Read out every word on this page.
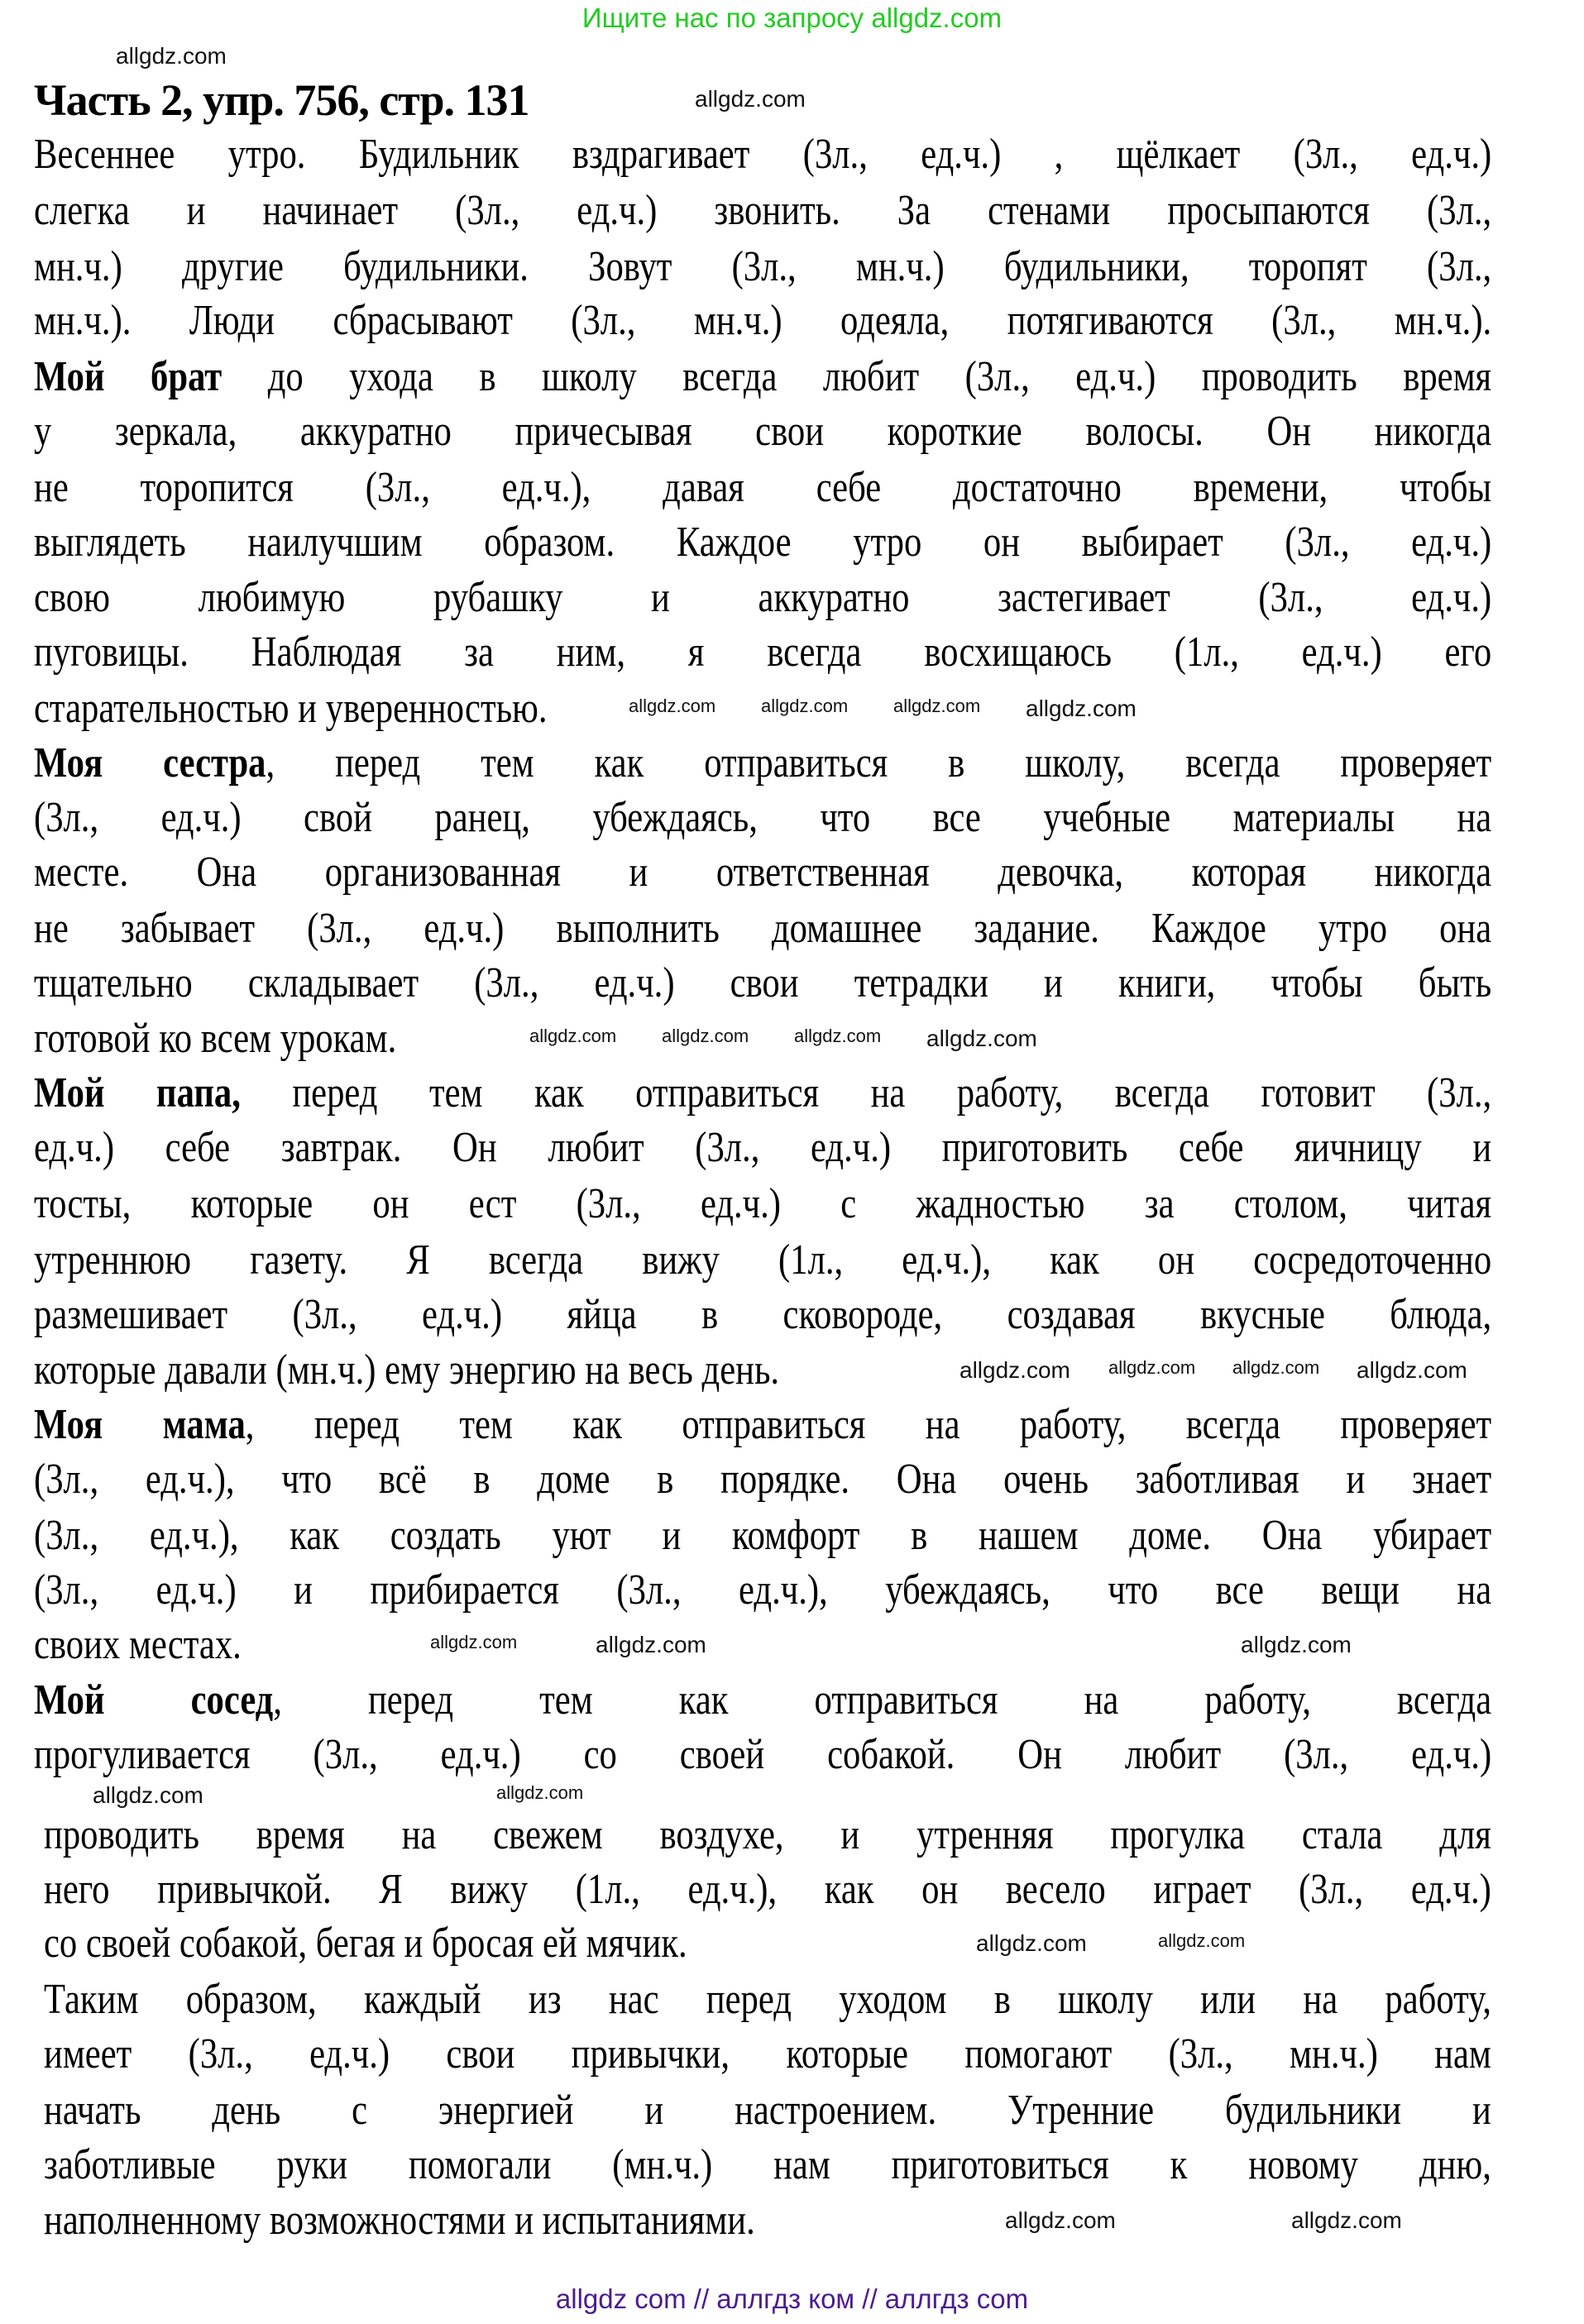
Ищите нас по запросу allgdz.com
Часть 2, упр. 756, стр. 131
Весеннее утро. Будильник вздрагивает (3л., ед.ч.) , щёлкает (3л., ед.ч.)
слегка и начинает (3л., ед.ч.) звонить. За стенами просыпаются (3л.,
мн.ч.) другие будильники. Зовут (3л., мн.ч.) будильники, торопят (3л.,
мн.ч.). Люди сбрасывают (3л., мн.ч.) одеяла, потягиваются (3л., мн.ч.).
Мой брат до ухода в школу всегда любит (3л., ед.ч.) проводить время
у зеркала, аккуратно причесывая свои короткие волосы. Он никогда
не торопится (3л., ед.ч.), давая себе достаточно времени, чтобы
выглядеть наилучшим образом. Каждое утро он выбирает (3л., ед.ч.)
свою любимую рубашку и аккуратно застегивает (3л., ед.ч.)
пуговицы. Наблюдая за ним, я всегда восхищаюсь (1л., ед.ч.) его
старательностью и уверенностью.
Моя сестра, перед тем как отправиться в школу, всегда проверяет
(3л., ед.ч.) свой ранец, убеждаясь, что все учебные материалы на
месте. Она организованная и ответственная девочка, которая никогда
не забывает (3л., ед.ч.) выполнить домашнее задание. Каждое утро она
тщательно складывает (3л., ед.ч.) свои тетрадки и книги, чтобы быть
готовой ко всем урокам.
Мой папа, перед тем как отправиться на работу, всегда готовит (3л.,
ед.ч.) себе завтрак. Он любит (3л., ед.ч.) приготовить себе яичницу и
тосты, которые он ест (3л., ед.ч.) с жадностью за столом, читая
утреннюю газету. Я всегда вижу (1л., ед.ч.), как он сосредоточенно
размешивает (3л., ед.ч.) яйца в сковороде, создавая вкусные блюда,
которые давали (мн.ч.) ему энергию на весь день.
Моя мама, перед тем как отправиться на работу, всегда проверяет
(3л., ед.ч.), что всё в доме в порядке. Она очень заботливая и знает
(3л., ед.ч.), как создать уют и комфорт в нашем доме. Она убирает
(3л., ед.ч.) и прибирается (3л., ед.ч.), убеждаясь, что все вещи на
своих местах.
Мой сосед, перед тем как отправиться на работу, всегда
прогуливается (3л., ед.ч.) со своей собакой. Он любит (3л., ед.ч.)
проводить время на свежем воздухе, и утренняя прогулка стала для
него привычкой. Я вижу (1л., ед.ч.), как он весело играет (3л., ед.ч.)
со своей собакой, бегая и бросая ей мячик.
Таким образом, каждый из нас перед уходом в школу или на работу,
имеет (3л., ед.ч.) свои привычки, которые помогают (3л., мн.ч.) нам
начать день с энергией и настроением. Утренние будильники и
заботливые руки помогали (мн.ч.) нам приготовиться к новому дню,
наполненному возможностями и испытаниями.
allgdz.com
allgdz.com
allgdz.com allgdz.com allgdz.com allgdz.com
allgdz.com allgdz.com allgdz.com allgdz.com
allgdz.com allgdz.com allgdz.com allgdz.com
allgdz.com	allgdz.com
allgdz.com
allgdz.com
allgdz.com	allgdz.com
allgdz.com
allgdz.com	allgdz.com
allgdz com // аллгдз ком // аллгдз com
